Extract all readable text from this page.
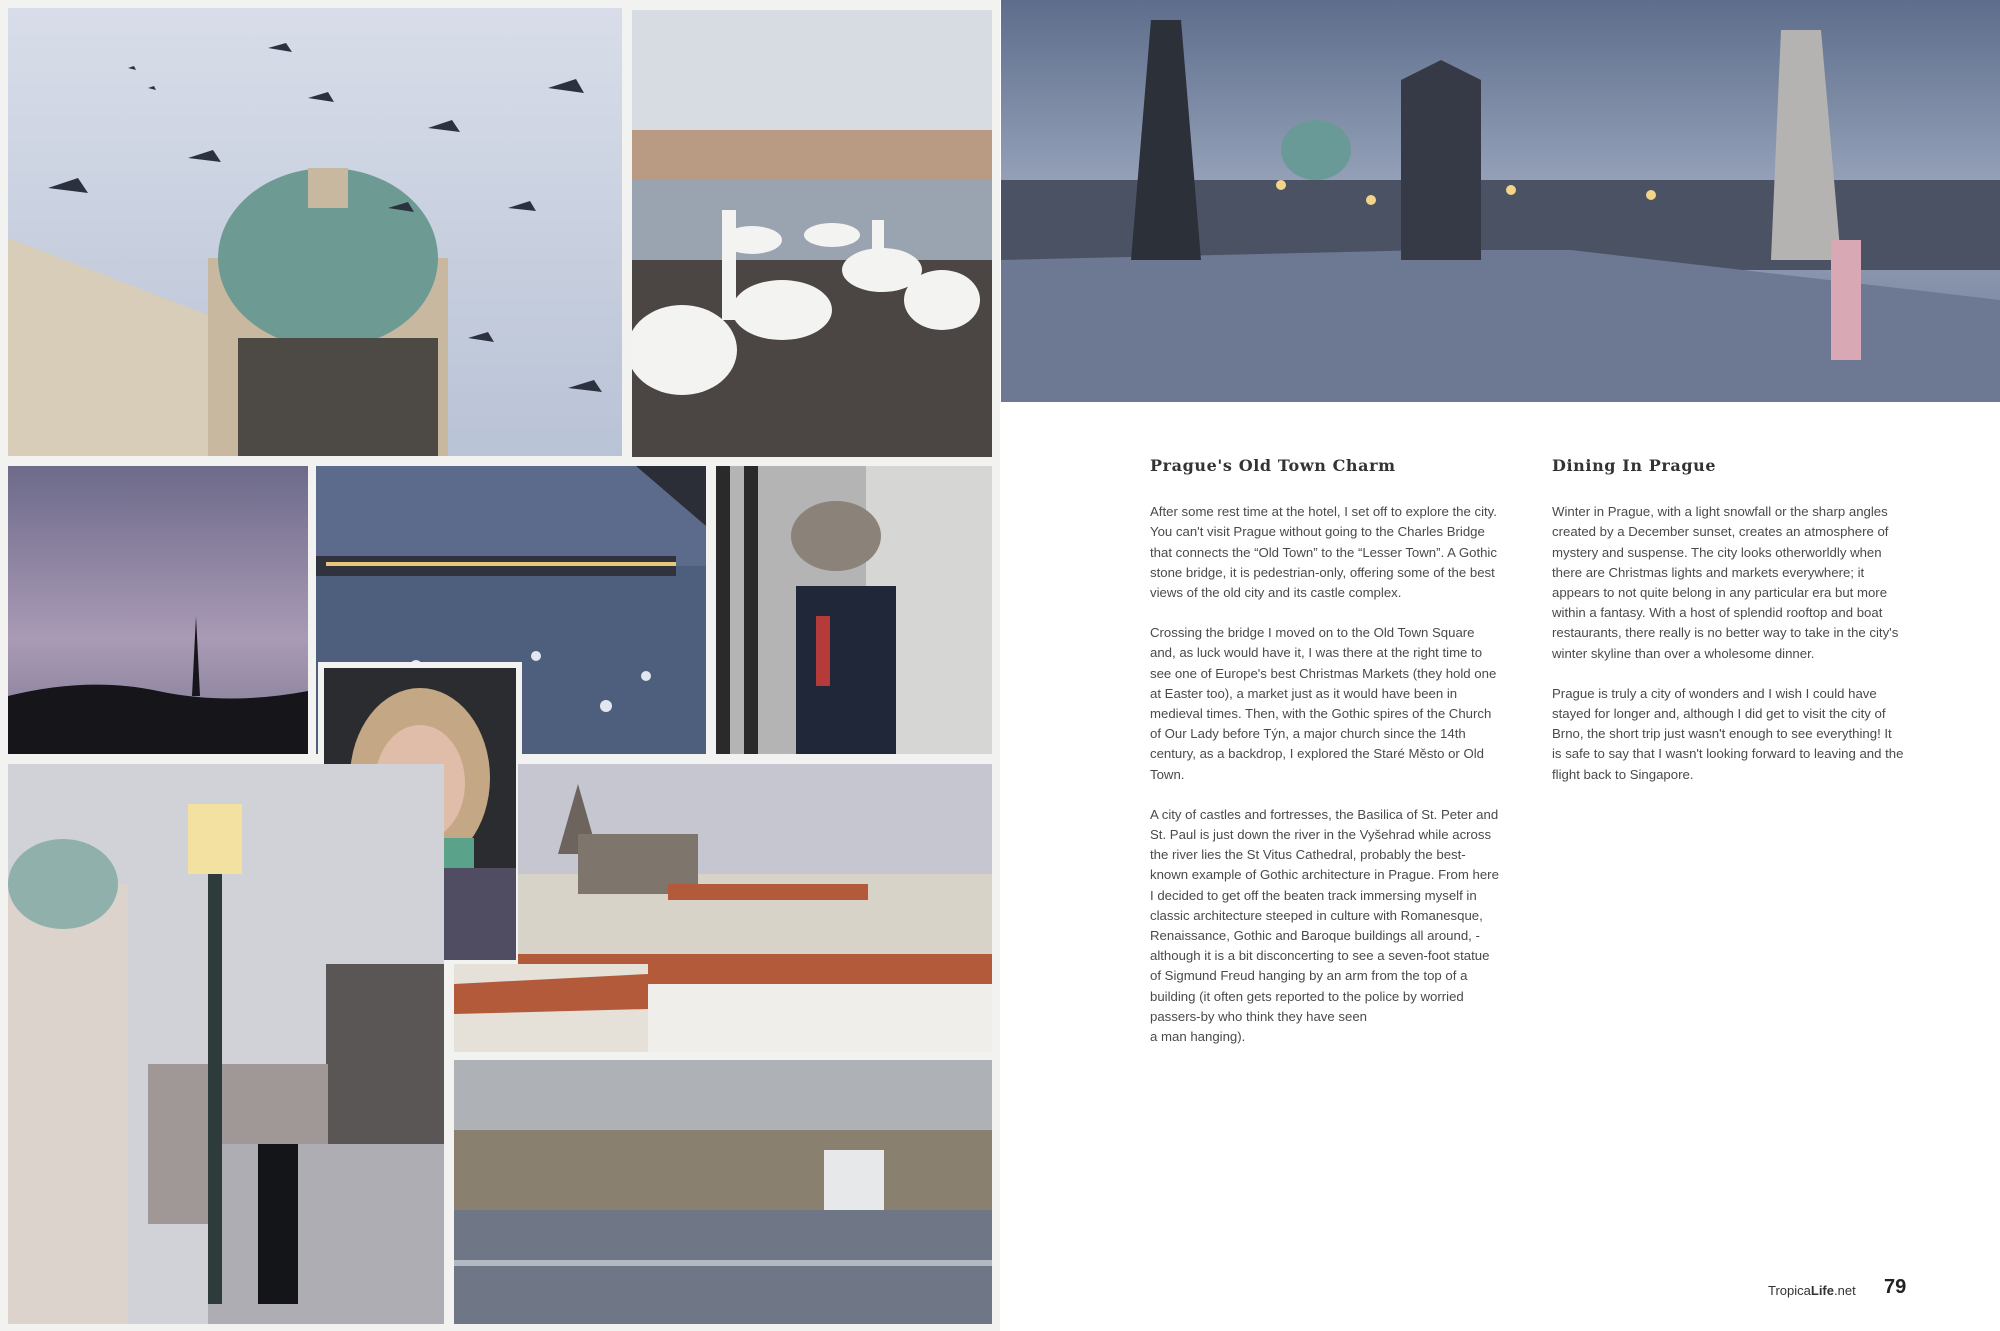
Prague's Old Town Charm

After some rest time at the hotel, I set off to explore the city. You can't visit Prague without going to the Charles Bridge that connects the “Old Town” to the “Lesser Town”. A Gothic stone bridge, it is pedestrian-only, offering some of the best views of the old city and its castle complex.

Crossing the bridge I moved on to the Old Town Square and, as luck would have it, I was there at the right time to see one of Europe's best Christmas Markets (they hold one at Easter too), a market just as it would have been in medieval times. Then, with the Gothic spires of the Church of Our Lady before Týn, a major church since the 14th century, as a backdrop, I explored the Staré Město or Old Town.

A city of castles and fortresses, the Basilica of St. Peter and St. Paul is just down the river in the Vyšehrad while across the river lies the St Vitus Cathedral, probably the best-known example of Gothic architecture in Prague. From here I decided to get off the beaten track immersing myself in classic architecture steeped in culture with Romanesque, Renaissance, Gothic and Baroque buildings all around, - although it is a bit disconcerting to see a seven-foot statue of Sigmund Freud hanging by an arm from the top of a building (it often gets reported to the police by worried passers-by who think they have seen

a man hanging).

Dining In Prague

Winter in Prague, with a light snowfall or the sharp angles created by a December sunset, creates an atmosphere of mystery and suspense. The city looks otherworldly when there are Christmas lights and markets everywhere; it appears to not quite belong in any particular era but more within a fantasy. With a host of splendid rooftop and boat restaurants, there really is no better way to take in the city's winter skyline than over a wholesome dinner.

Prague is truly a city of wonders and I wish I could have stayed for longer and, although I did get to visit the city of Brno, the short trip just wasn't enough to see everything! It is safe to say that I wasn't looking forward to leaving and the flight back to Singapore.

TropicaLife.net 79
